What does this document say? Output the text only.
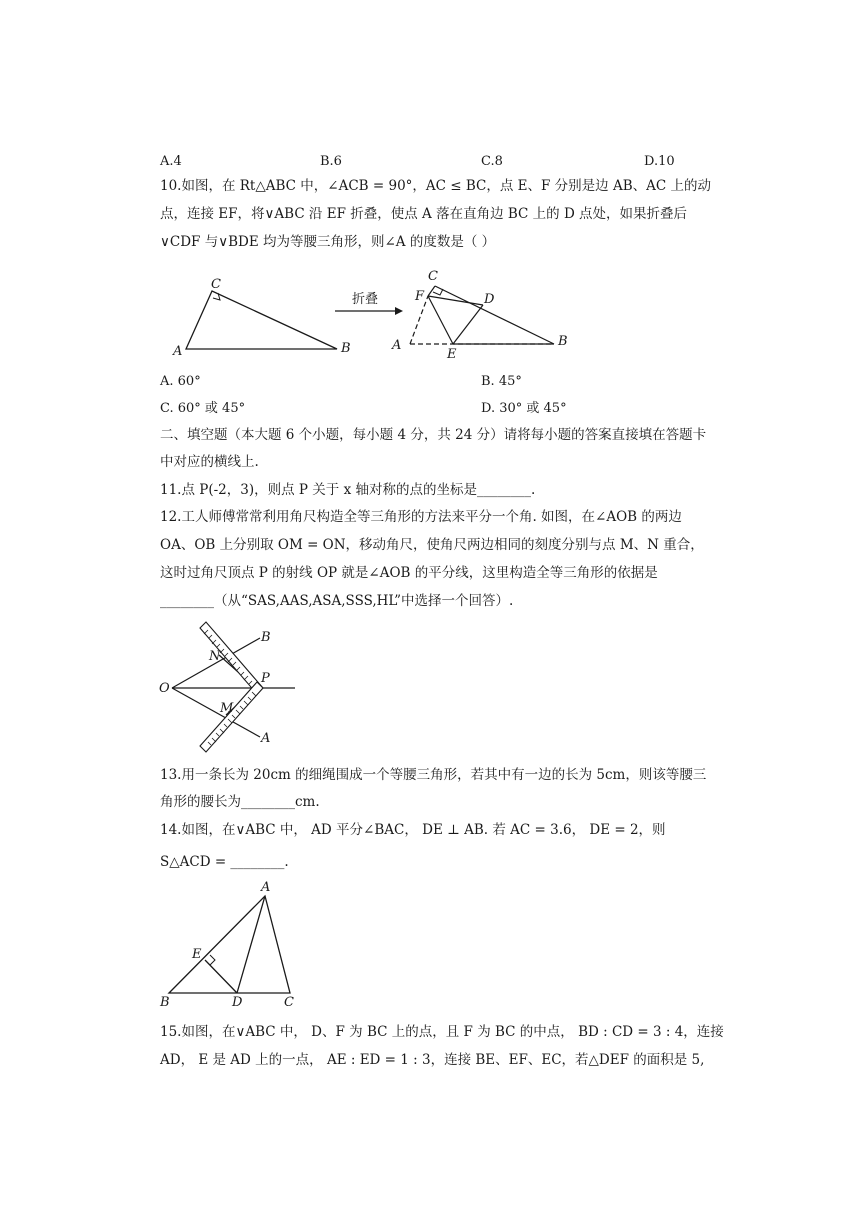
A.4	B.6	C.8	D.10
10.如图，在 Rt△ABC 中，∠ACB = 90°，AC ≤ BC，点 E、F 分别是边 AB、AC 上的动
点，连接 EF，将∨ABC 沿 EF 折叠，使点 A 落在直角边 BC 上的 D 点处，如果折叠后
∨CDF 与∨BDE 均为等腰三角形，则∠A 的度数是（ ）
C
A	B
折叠
C
F	D
A
E
B
A. 60°	B. 45°
C. 60° 或 45°	D. 30° 或 45°
二、填空题（本大题 6 个小题，每小题 4 分，共 24 分）请将每小题的答案直接填在答题卡
中对应的横线上.
11.点 P(-2，3)，则点 P 关于 x 轴对称的点的坐标是________.
12.工人师傅常常利用角尺构造全等三角形的方法来平分一个角. 如图，在∠AOB 的两边
OA、OB 上分别取 OM = ON，移动角尺，使角尺两边相同的刻度分别与点 M、N 重合，
这时过角尺顶点 P 的射线 OP 就是∠AOB 的平分线，这里构造全等三角形的依据是
________（从“SAS,AAS,ASA,SSS,HL”中选择一个回答）.
B
N
O
P
M
A
13.用一条长为 20cm 的细绳围成一个等腰三角形，若其中有一边的长为 5cm，则该等腰三
角形的腰长为________cm.
14.如图，在∨ABC 中， AD 平分∠BAC， DE ⊥ AB. 若 AC = 3.6， DE = 2，则
S△ACD = ________.
A
E
B	D	C
15.如图，在∨ABC 中， D、F 为 BC 上的点，且 F 为 BC 的中点， BD : CD = 3 : 4，连接
AD， E 是 AD 上的一点， AE : ED = 1 : 3，连接 BE、EF、EC，若△DEF 的面积是 5,
